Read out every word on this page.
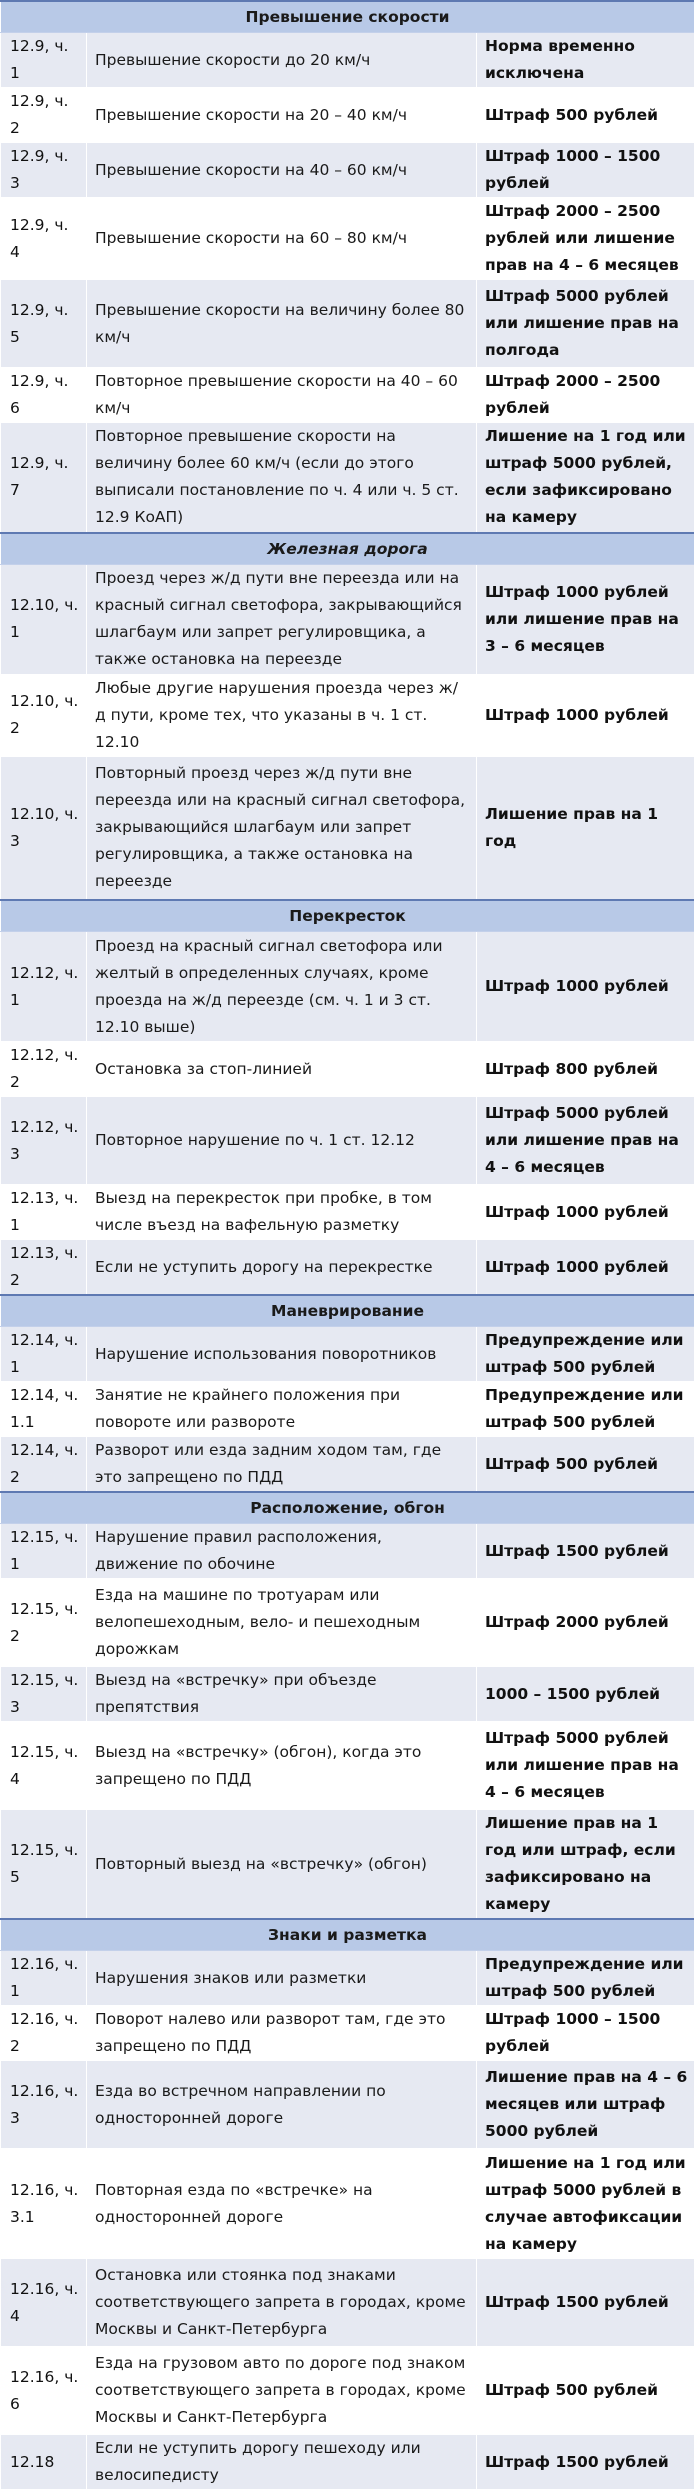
Превышение скорости		
12.9, ч. 1	Превышение скорости до 20 км/ч	Норма временно исключена
12.9, ч. 2	Превышение скорости на 20 – 40 км/ч	Штраф 500 рублей
12.9, ч. 3	Превышение скорости на 40 – 60 км/ч	Штраф 1000 – 1500 рублей
12.9, ч. 4	Превышение скорости на 60 – 80 км/ч	Штраф 2000 – 2500 рублей или лишение прав на 4 – 6 месяцев
12.9, ч. 5	Превышение скорости на величину более 80 км/ч	Штраф 5000 рублей или лишение прав на полгода
12.9, ч. 6	Повторное превышение скорости на 40 – 60 км/ч	Штраф 2000 – 2500 рублей
12.9, ч. 7	Повторное превышение скорости на величину более 60 км/ч (если до этого выписали постановление по ч. 4 или ч. 5 ст. 12.9 КоАП)	Лишение на 1 год или штраф 5000 рублей, если зафиксировано на камеру
Железная дорога		
12.10, ч. 1	Проезд через ж/д пути вне переезда или на красный сигнал светофора, закрывающийся шлагбаум или запрет регулировщика, а также остановка на переезде	Штраф 1000 рублей или лишение прав на 3 – 6 месяцев
12.10, ч. 2	Любые другие нарушения проезда через ж/д пути, кроме тех, что указаны в ч. 1 ст. 12.10	Штраф 1000 рублей
12.10, ч. 3	Повторный проезд через ж/д пути вне переезда или на красный сигнал светофора, закрывающийся шлагбаум или запрет регулировщика, а также остановка на переезде	Лишение прав на 1 год
Перекресток		
12.12, ч. 1	Проезд на красный сигнал светофора или желтый в определенных случаях, кроме проезда на ж/д переезде (см. ч. 1 и 3 ст. 12.10 выше)	Штраф 1000 рублей
12.12, ч. 2	Остановка за стоп-линией	Штраф 800 рублей
12.12, ч. 3	Повторное нарушение по ч. 1 ст. 12.12	Штраф 5000 рублей или лишение прав на 4 – 6 месяцев
12.13, ч. 1	Выезд на перекресток при пробке, в том числе въезд на вафельную разметку	Штраф 1000 рублей
12.13, ч. 2	Если не уступить дорогу на перекрестке	Штраф 1000 рублей
Маневрирование		
12.14, ч. 1	Нарушение использования поворотников	Предупреждение или штраф 500 рублей
12.14, ч. 1.1	Занятие не крайнего положения при повороте или развороте	Предупреждение или штраф 500 рублей
12.14, ч. 2	Разворот или езда задним ходом там, где это запрещено по ПДД	Штраф 500 рублей
Расположение, обгон		
12.15, ч. 1	Нарушение правил расположения, движение по обочине	Штраф 1500 рублей
12.15, ч. 2	Езда на машине по тротуарам или велопешеходным, вело- и пешеходным дорожкам	Штраф 2000 рублей
12.15, ч. 3	Выезд на «встречку» при объезде препятствия	1000 – 1500 рублей
12.15, ч. 4	Выезд на «встречку» (обгон), когда это запрещено по ПДД	Штраф 5000 рублей или лишение прав на 4 – 6 месяцев
12.15, ч. 5	Повторный выезд на «встречку» (обгон)	Лишение прав на 1 год или штраф, если зафиксировано на камеру
Знаки и разметка		
12.16, ч. 1	Нарушения знаков или разметки	Предупреждение или штраф 500 рублей
12.16, ч. 2	Поворот налево или разворот там, где это запрещено по ПДД	Штраф 1000 – 1500 рублей
12.16, ч. 3	Езда во встречном направлении по односторонней дороге	Лишение прав на 4 – 6 месяцев или штраф 5000 рублей
12.16, ч. 3.1	Повторная езда по «встречке» на односторонней дороге	Лишение на 1 год или штраф 5000 рублей в случае автофиксации на камеру
12.16, ч. 4	Остановка или стоянка под знаками соответствующего запрета в городах, кроме Москвы и Санкт-Петербурга	Штраф 1500 рублей
12.16, ч. 6	Езда на грузовом авто по дороге под знаком соответствующего запрета в городах, кроме Москвы и Санкт-Петербурга	Штраф 500 рублей
12.18	Если не уступить дорогу пешеходу или велосипедисту	Штраф 1500 рублей
